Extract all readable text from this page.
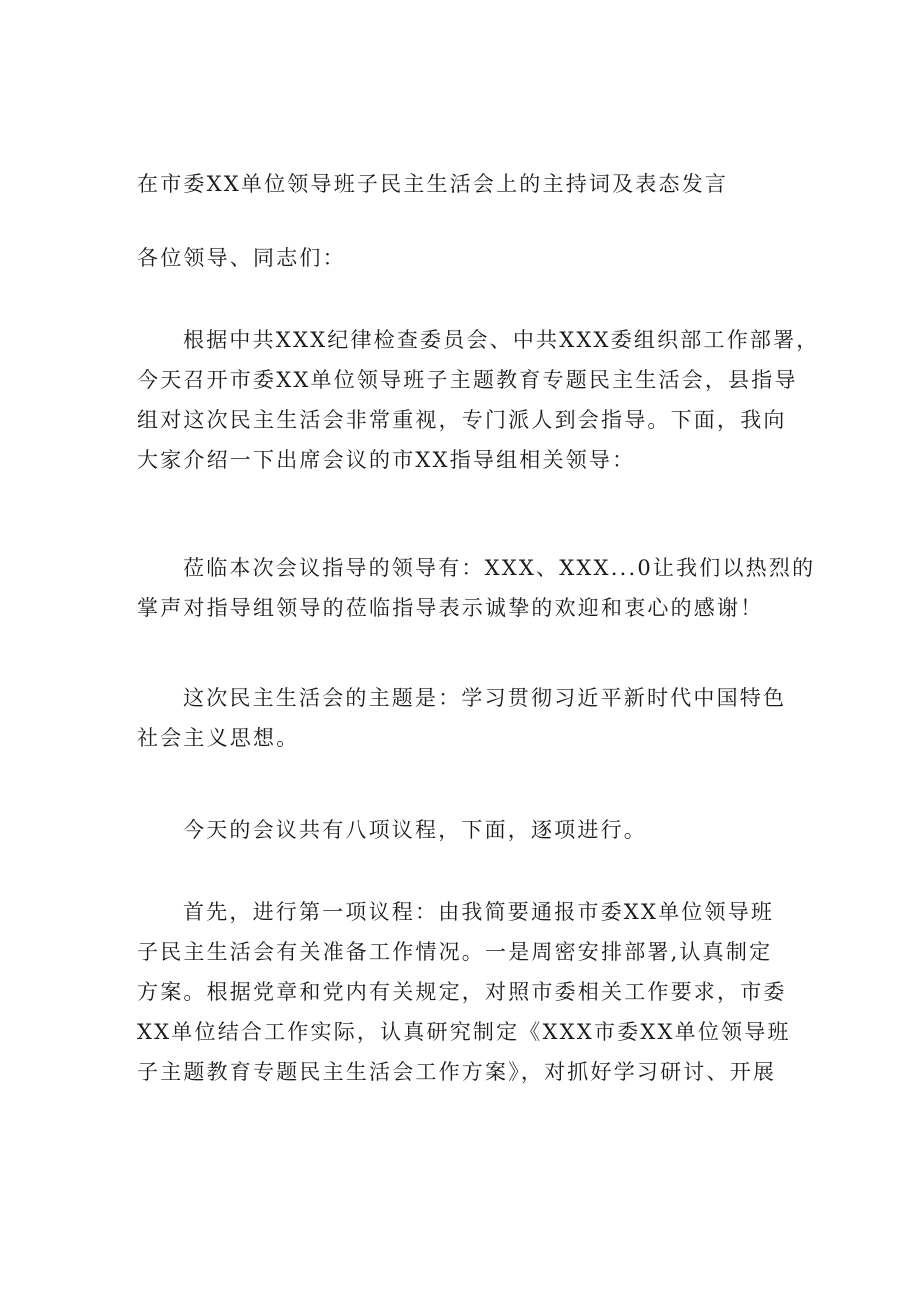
在市委XX单位领导班子民主生活会上的主持词及表态发言

各位领导、同志们：

根据中共XXX纪律检查委员会、中共XXX委组织部工作部署，
今天召开市委XX单位领导班子主题教育专题民主生活会，县指导
组对这次民主生活会非常重视，专门派人到会指导。下面，我向
大家介绍一下出席会议的市XX指导组相关领导：

莅临本次会议指导的领导有：XXX、XXX...0让我们以热烈的
掌声对指导组领导的莅临指导表示诚挚的欢迎和衷心的感谢！

这次民主生活会的主题是：学习贯彻习近平新时代中国特色
社会主义思想。

今天的会议共有八项议程，下面，逐项进行。

首先，进行第一项议程：由我简要通报市委XX单位领导班
子民主生活会有关准备工作情况。一是周密安排部署,认真制定
方案。根据党章和党内有关规定，对照市委相关工作要求，市委
XX单位结合工作实际，认真研究制定《XXX市委XX单位领导班
子主题教育专题民主生活会工作方案》，对抓好学习研讨、开展
